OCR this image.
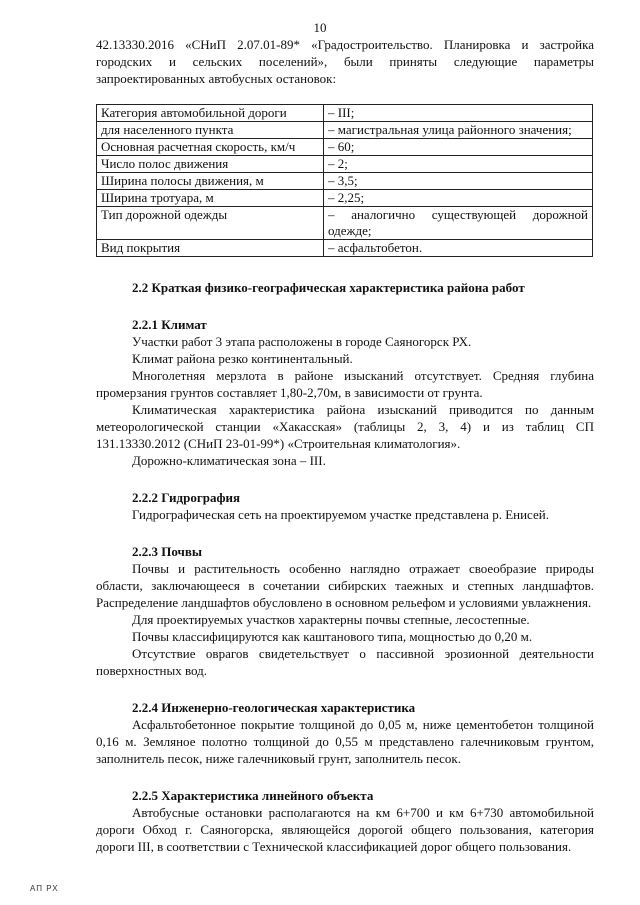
10

42.13330.2016 «СНиП 2.07.01-89* «Градостроительство. Планировка и застройка городских и сельских поселений», были приняты следующие параметры запроектированных автобусных остановок:

Категория автомобильной дороги	– III;
для населенного пункта	– магистральная улица районного значения;
Основная расчетная скорость, км/ч	– 60;
Число полос движения	– 2;
Ширина полосы движения, м	– 3,5;
Ширина тротуара, м	– 2,25;
Тип дорожной одежды	– аналогично существующей дорожной одежде;
Вид покрытия	– асфальтобетон.
2.2 Краткая физико-географическая характеристика района работ
2.2.1 Климат

Участки работ 3 этапа расположены в городе Саяногорск РХ.

Климат района резко континентальный.

Многолетняя мерзлота в районе изысканий отсутствует. Средняя глубина промерзания грунтов составляет 1,80-2,70м, в зависимости от грунта.

Климатическая характеристика района изысканий приводится по данным метеорологической станции «Хакасская» (таблицы 2, 3, 4) и из таблиц СП 131.13330.2012 (СНиП 23-01-99*) «Строительная климатология».

Дорожно-климатическая зона – III.

2.2.2 Гидрография

Гидрографическая сеть на проектируемом участке представлена р. Енисей.

2.2.3 Почвы

Почвы и растительность особенно наглядно отражает своеобразие природы области, заключающееся в сочетании сибирских таежных и степных ландшафтов. Распределение ландшафтов обусловлено в основном рельефом и условиями увлажнения.

Для проектируемых участков характерны почвы степные, лесостепные.

Почвы классифицируются как каштанового типа, мощностью до 0,20 м.

Отсутствие оврагов свидетельствует о пассивной эрозионной деятельности поверхностных вод.

2.2.4 Инженерно-геологическая характеристика

Асфальтобетонное покрытие толщиной до 0,05 м, ниже цементобетон толщиной 0,16 м. Земляное полотно толщиной до 0,55 м представлено галечниковым грунтом, заполнитель песок, ниже галечниковый грунт, заполнитель песок.

2.2.5 Характеристика линейного объекта

Автобусные остановки располагаются на км 6+700 и км 6+730 автомобильной дороги Обход г. Саяногорска, являющейся дорогой общего пользования, категория дороги III, в соответствии с Технической классификацией дорог общего пользования.

АП РХ
